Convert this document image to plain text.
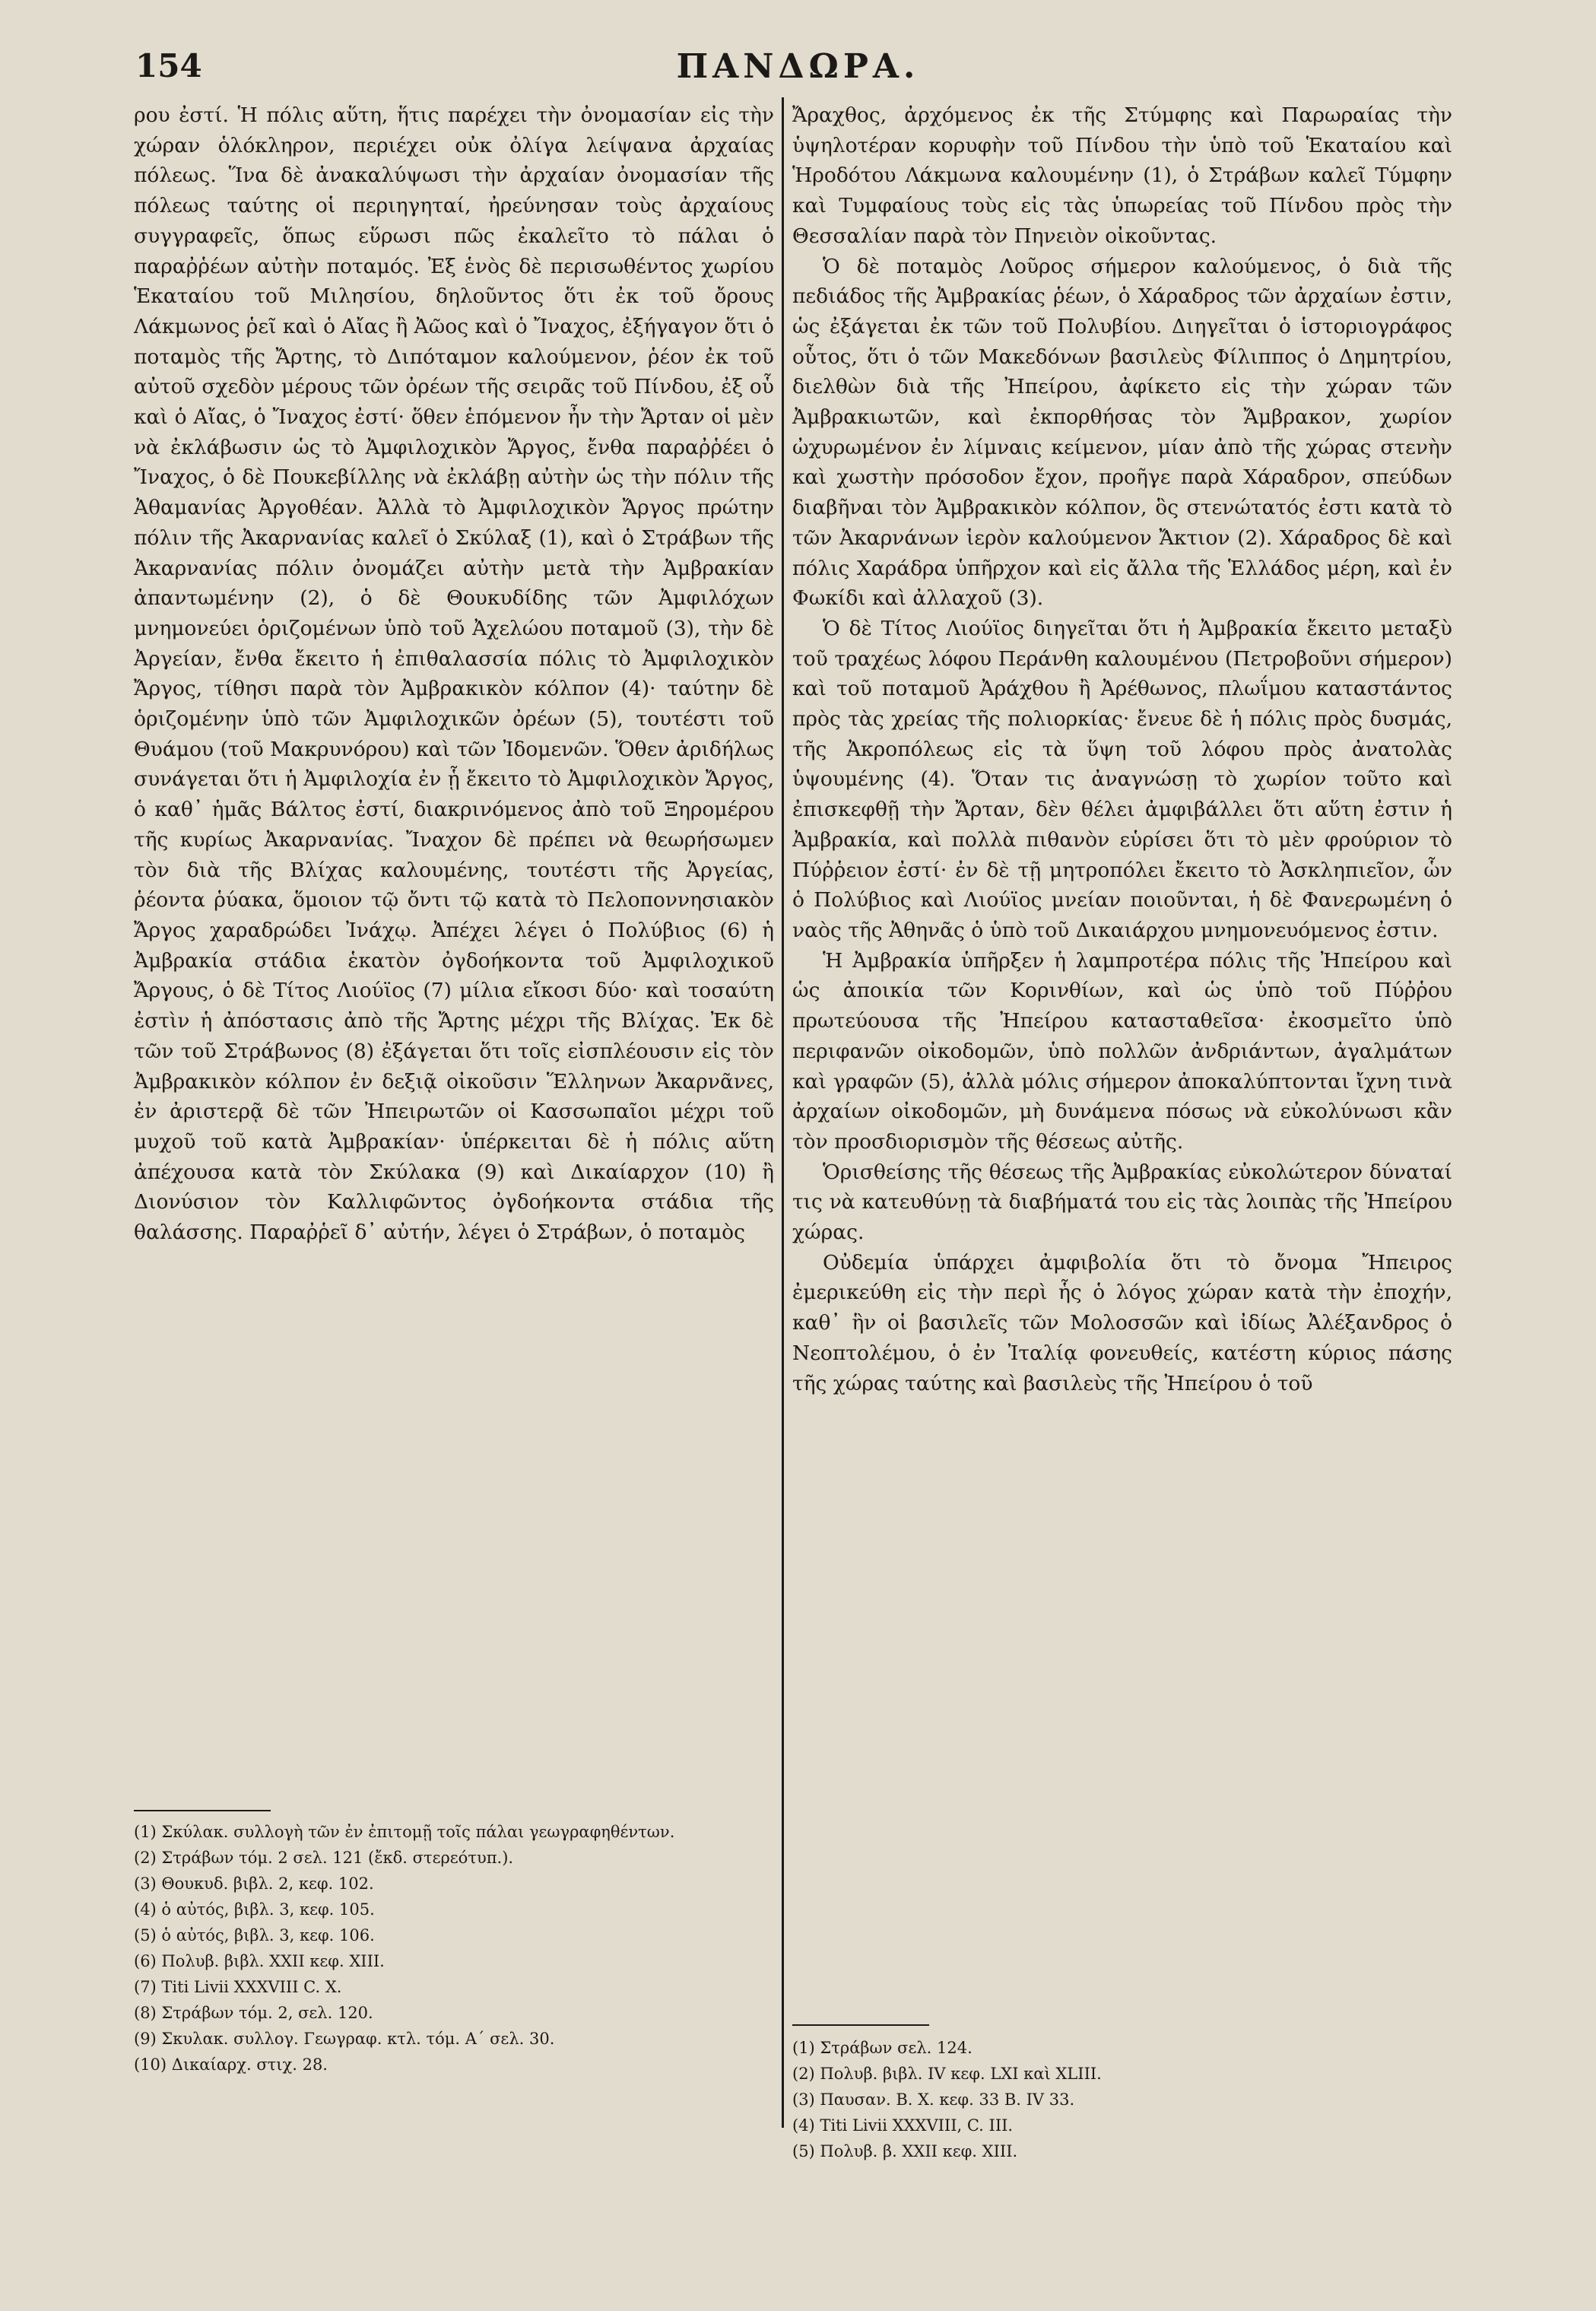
154	ΠΑΝΔΩΡΑ.

ρου ἐστί. Ἡ πόλις αὕτη, ἥτις παρέχει τὴν ὀνομασίαν εἰς τὴν χώραν ὁλόκληρον, περιέχει οὐκ ὀλίγα λείψανα ἀρχαίας πόλεως. Ἵνα δὲ ἀνακαλύψωσι τὴν ἀρχαίαν ὀνομασίαν τῆς πόλεως ταύτης οἱ περιηγηταί, ἠρεύνησαν τοὺς ἀρχαίους συγγραφεῖς, ὅπως εὕρωσι πῶς ἐκαλεῖτο τὸ πάλαι ὁ παραῤῥέων αὐτὴν ποταμός. Ἐξ ἑνὸς δὲ περισωθέντος χωρίου Ἑκαταίου τοῦ Μιλησίου, δηλοῦντος ὅτι ἐκ τοῦ ὄρους Λάκμωνος ῥεῖ καὶ ὁ Αἴας ἢ Ἀῶος καὶ ὁ Ἴναχος, ἐξήγαγον ὅτι ὁ ποταμὸς τῆς Ἄρτης, τὸ Διπόταμον καλούμενον, ῥέον ἐκ τοῦ αὐτοῦ σχεδὸν μέρους τῶν ὀρέων τῆς σειρᾶς τοῦ Πίνδου, ἐξ οὗ καὶ ὁ Αἴας, ὁ Ἴναχος ἐστί· ὅθεν ἑπόμενον ἦν τὴν Ἄρταν οἱ μὲν νὰ ἐκλάβωσιν ὡς τὸ Ἀμφιλοχικὸν Ἄργος, ἔνθα παραῤῥέει ὁ Ἴναχος, ὁ δὲ Πουκεβίλλης νὰ ἐκλάβῃ αὐτὴν ὡς τὴν πόλιν τῆς Ἀθαμανίας Ἀργοθέαν. Ἀλλὰ τὸ Ἀμφιλοχικὸν Ἄργος πρώτην πόλιν τῆς Ἀκαρνανίας καλεῖ ὁ Σκύλαξ (1), καὶ ὁ Στράβων τῆς Ἀκαρνανίας πόλιν ὀνομάζει αὐτὴν μετὰ τὴν Ἀμβρακίαν ἀπαντωμένην (2), ὁ δὲ Θουκυδίδης τῶν Ἀμφιλόχων μνημονεύει ὁριζομένων ὑπὸ τοῦ Ἀχελώου ποταμοῦ (3), τὴν δὲ Ἀργείαν, ἔνθα ἔκειτο ἡ ἐπιθαλασσία πόλις τὸ Ἀμφιλοχικὸν Ἄργος, τίθησι παρὰ τὸν Ἀμβρακικὸν κόλπον (4)· ταύτην δὲ ὁριζομένην ὑπὸ τῶν Ἀμφιλοχικῶν ὀρέων (5), τουτέστι τοῦ Θυάμου (τοῦ Μακρυνόρου) καὶ τῶν Ἰδομενῶν. Ὅθεν ἀριδήλως συνάγεται ὅτι ἡ Ἀμφιλοχία ἐν ᾗ ἔκειτο τὸ Ἀμφιλοχικὸν Ἄργος, ὁ καθ᾽ ἡμᾶς Βάλτος ἐστί, διακρινόμενος ἀπὸ τοῦ Ξηρομέρου τῆς κυρίως Ἀκαρνανίας. Ἴναχον δὲ πρέπει νὰ θεωρήσωμεν τὸν διὰ τῆς Βλίχας καλουμένης, τουτέστι τῆς Ἀργείας, ῥέοντα ῥύακα, ὅμοιον τῷ ὄντι τῷ κατὰ τὸ Πελοποννησιακὸν Ἄργος χαραδρώδει Ἰνάχῳ. Ἀπέχει λέγει ὁ Πολύβιος (6) ἡ Ἀμβρακία στάδια ἑκατὸν ὀγδοήκοντα τοῦ Ἀμφιλοχικοῦ Ἄργους, ὁ δὲ Τίτος Λιούϊος (7) μίλια εἴκοσι δύο· καὶ τοσαύτη ἐστὶν ἡ ἀπόστασις ἀπὸ τῆς Ἄρτης μέχρι τῆς Βλίχας. Ἐκ δὲ τῶν τοῦ Στράβωνος (8) ἐξάγεται ὅτι τοῖς εἰσπλέουσιν εἰς τὸν Ἀμβρακικὸν κόλπον ἐν δεξιᾷ οἰκοῦσιν Ἕλληνων Ἀκαρνᾶνες, ἐν ἀριστερᾷ δὲ τῶν Ἠπειρωτῶν οἱ Κασσωπαῖοι μέχρι τοῦ μυχοῦ τοῦ κατὰ Ἀμβρακίαν· ὑπέρκειται δὲ ἡ πόλις αὕτη ἀπέχουσα κατὰ τὸν Σκύλακα (9) καὶ Δικαίαρχον (10) ἢ Διονύσιον τὸν Καλλιφῶντος ὀγδοήκοντα στάδια τῆς θαλάσσης. Παραῤῥεῖ δ᾽ αὐτήν, λέγει ὁ Στράβων, ὁ ποταμὸς

Ἄραχθος, ἀρχόμενος ἐκ τῆς Στύμφης καὶ Παρωραίας τὴν ὑψηλοτέραν κορυφὴν τοῦ Πίνδου τὴν ὑπὸ τοῦ Ἑκαταίου καὶ Ἡροδότου Λάκμωνα καλουμένην (1), ὁ Στράβων καλεῖ Τύμφην καὶ Τυμφαίους τοὺς εἰς τὰς ὑπωρείας τοῦ Πίνδου πρὸς τὴν Θεσσαλίαν παρὰ τὸν Πηνειὸν οἰκοῦντας.

Ὁ δὲ ποταμὸς Λοῦρος σήμερον καλούμενος, ὁ διὰ τῆς πεδιάδος τῆς Ἀμβρακίας ῥέων, ὁ Χάραδρος τῶν ἀρχαίων ἐστιν, ὡς ἐξάγεται ἐκ τῶν τοῦ Πολυβίου. Διηγεῖται ὁ ἱστοριογράφος οὗτος, ὅτι ὁ τῶν Μακεδόνων βασιλεὺς Φίλιππος ὁ Δημητρίου, διελθὼν διὰ τῆς Ἠπείρου, ἀφίκετο εἰς τὴν χώραν τῶν Ἀμβρακιωτῶν, καὶ ἐκπορθήσας τὸν Ἄμβρακον, χωρίον ὠχυρωμένον ἐν λίμναις κείμενον, μίαν ἀπὸ τῆς χώρας στενὴν καὶ χωστὴν πρόσοδον ἔχον, προῆγε παρὰ Χάραδρον, σπεύδων διαβῆναι τὸν Ἀμβρακικὸν κόλπον, ὃς στενώτατός ἐστι κατὰ τὸ τῶν Ἀκαρνάνων ἱερὸν καλούμενον Ἄκτιον (2). Χάραδρος δὲ καὶ πόλις Χαράδρα ὑπῆρχον καὶ εἰς ἄλλα τῆς Ἑλλάδος μέρη, καὶ ἐν Φωκίδι καὶ ἀλλαχοῦ (3).

Ὁ δὲ Τίτος Λιούϊος διηγεῖται ὅτι ἡ Ἀμβρακία ἔκειτο μεταξὺ τοῦ τραχέως λόφου Περάνθη καλουμένου (Πετροβοῦνι σήμερον) καὶ τοῦ ποταμοῦ Ἀράχθου ἢ Ἀρέθωνος, πλωΐμου καταστάντος πρὸς τὰς χρείας τῆς πολιορκίας· ἔνευε δὲ ἡ πόλις πρὸς δυσμάς, τῆς Ἀκροπόλεως εἰς τὰ ὕψη τοῦ λόφου πρὸς ἀνατολὰς ὑψουμένης (4). Ὅταν τις ἀναγνώσῃ τὸ χωρίον τοῦτο καὶ ἐπισκεφθῇ τὴν Ἄρταν, δὲν θέλει ἀμφιβάλλει ὅτι αὕτη ἐστιν ἡ Ἀμβρακία, καὶ πολλὰ πιθανὸν εὑρίσει ὅτι τὸ μὲν φρούριον τὸ Πύῤῥειον ἐστί· ἐν δὲ τῇ μητροπόλει ἔκειτο τὸ Ἀσκληπιεῖον, ὧν ὁ Πολύβιος καὶ Λιούϊος μνείαν ποιοῦνται, ἡ δὲ Φανερωμένη ὁ ναὸς τῆς Ἀθηνᾶς ὁ ὑπὸ τοῦ Δικαιάρχου μνημονευόμενος ἐστιν.

Ἡ Ἀμβρακία ὑπῆρξεν ἡ λαμπροτέρα πόλις τῆς Ἠπείρου καὶ ὡς ἀποικία τῶν Κορινθίων, καὶ ὡς ὑπὸ τοῦ Πύῤῥου πρωτεύουσα τῆς Ἠπείρου κατασταθεῖσα· ἐκοσμεῖτο ὑπὸ περιφανῶν οἰκοδομῶν, ὑπὸ πολλῶν ἀνδριάντων, ἀγαλμάτων καὶ γραφῶν (5), ἀλλὰ μόλις σήμερον ἀποκαλύπτονται ἴχνη τινὰ ἀρχαίων οἰκοδομῶν, μὴ δυνάμενα πόσως νὰ εὐκολύνωσι κἂν τὸν προσδιορισμὸν τῆς θέσεως αὐτῆς.

Ὁρισθείσης τῆς θέσεως τῆς Ἀμβρακίας εὐκολώτερον δύναταί τις νὰ κατευθύνῃ τὰ διαβήματά του εἰς τὰς λοιπὰς τῆς Ἠπείρου χώρας.

Οὐδεμία ὑπάρχει ἀμφιβολία ὅτι τὸ ὄνομα Ἤπειρος ἐμερικεύθη εἰς τὴν περὶ ἧς ὁ λόγος χώραν κατὰ τὴν ἐποχήν, καθ᾽ ἣν οἱ βασιλεῖς τῶν Μολοσσῶν καὶ ἰδίως Ἀλέξανδρος ὁ Νεοπτολέμου, ὁ ἐν Ἰταλίᾳ φονευθείς, κατέστη κύριος πάσης τῆς χώρας ταύτης καὶ βασιλεὺς τῆς Ἠπείρου ὁ τοῦ

(1) Σκύλακ. συλλογὴ τῶν ἐν ἐπιτομῇ τοῖς πάλαι γεωγραφηθέντων.
(2) Στράβων τόμ. 2 σελ. 121 (ἔκδ. στερεότυπ.).
(3) Θουκυδ. βιβλ. 2, κεφ. 102.
(4) ὁ αὐτός, βιβλ. 3, κεφ. 105.
(5) ὁ αὐτός, βιβλ. 3, κεφ. 106.
(6) Πολυβ. βιβλ. XXII κεφ. XIII.
(7) Titi Livii XXXVIII C. X.
(8) Στράβων τόμ. 2, σελ. 120.
(9) Σκυλακ. συλλογ. Γεωγραφ. κτλ. τόμ. Α΄ σελ. 30.
(10) Δικαίαρχ. στιχ. 28.
(1) Στράβων σελ. 124.
(2) Πολυβ. βιβλ. IV κεφ. LXI καὶ XLIII.
(3) Παυσαν. Β. Χ. κεφ. 33 Β. IV 33.
(4) Titi Livii XXXVIII, C. III.
(5) Πολυβ. β. XXII κεφ. XIII.
